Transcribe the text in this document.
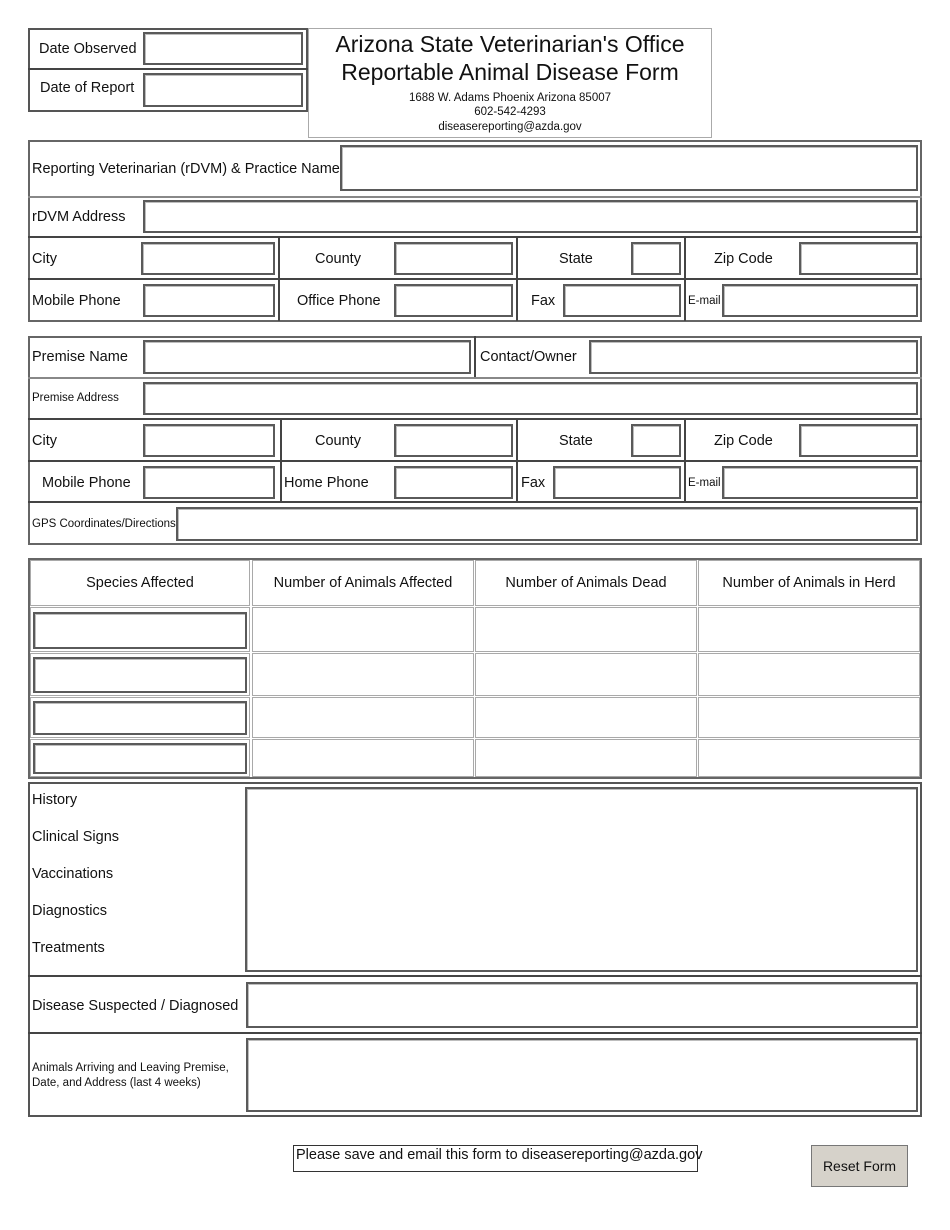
Date Observed
Date of Report
Arizona State Veterinarian's Office
Reportable Animal Disease Form
1688 W. Adams Phoenix Arizona 85007
602-542-4293
diseasereporting@azda.gov
Reporting Veterinarian (rDVM) & Practice Name
rDVM Address
City	County	State	Zip Code
Mobile Phone	Office Phone	Fax	E-mail
Premise Name	Contact/Owner
Premise Address
City	County	State	Zip Code
Mobile Phone	Home Phone	Fax	E-mail
GPS Coordinates/Directions
Species Affected	Number of Animals Affected	Number of Animals Dead	Number of Animals in Herd
History
Clinical Signs
Vaccinations
Diagnostics
Treatments
Disease Suspected / Diagnosed
Animals Arriving and Leaving Premise,
Date, and Address (last 4 weeks)
Please save and email this form to diseasereporting@azda.gov
Reset Form
